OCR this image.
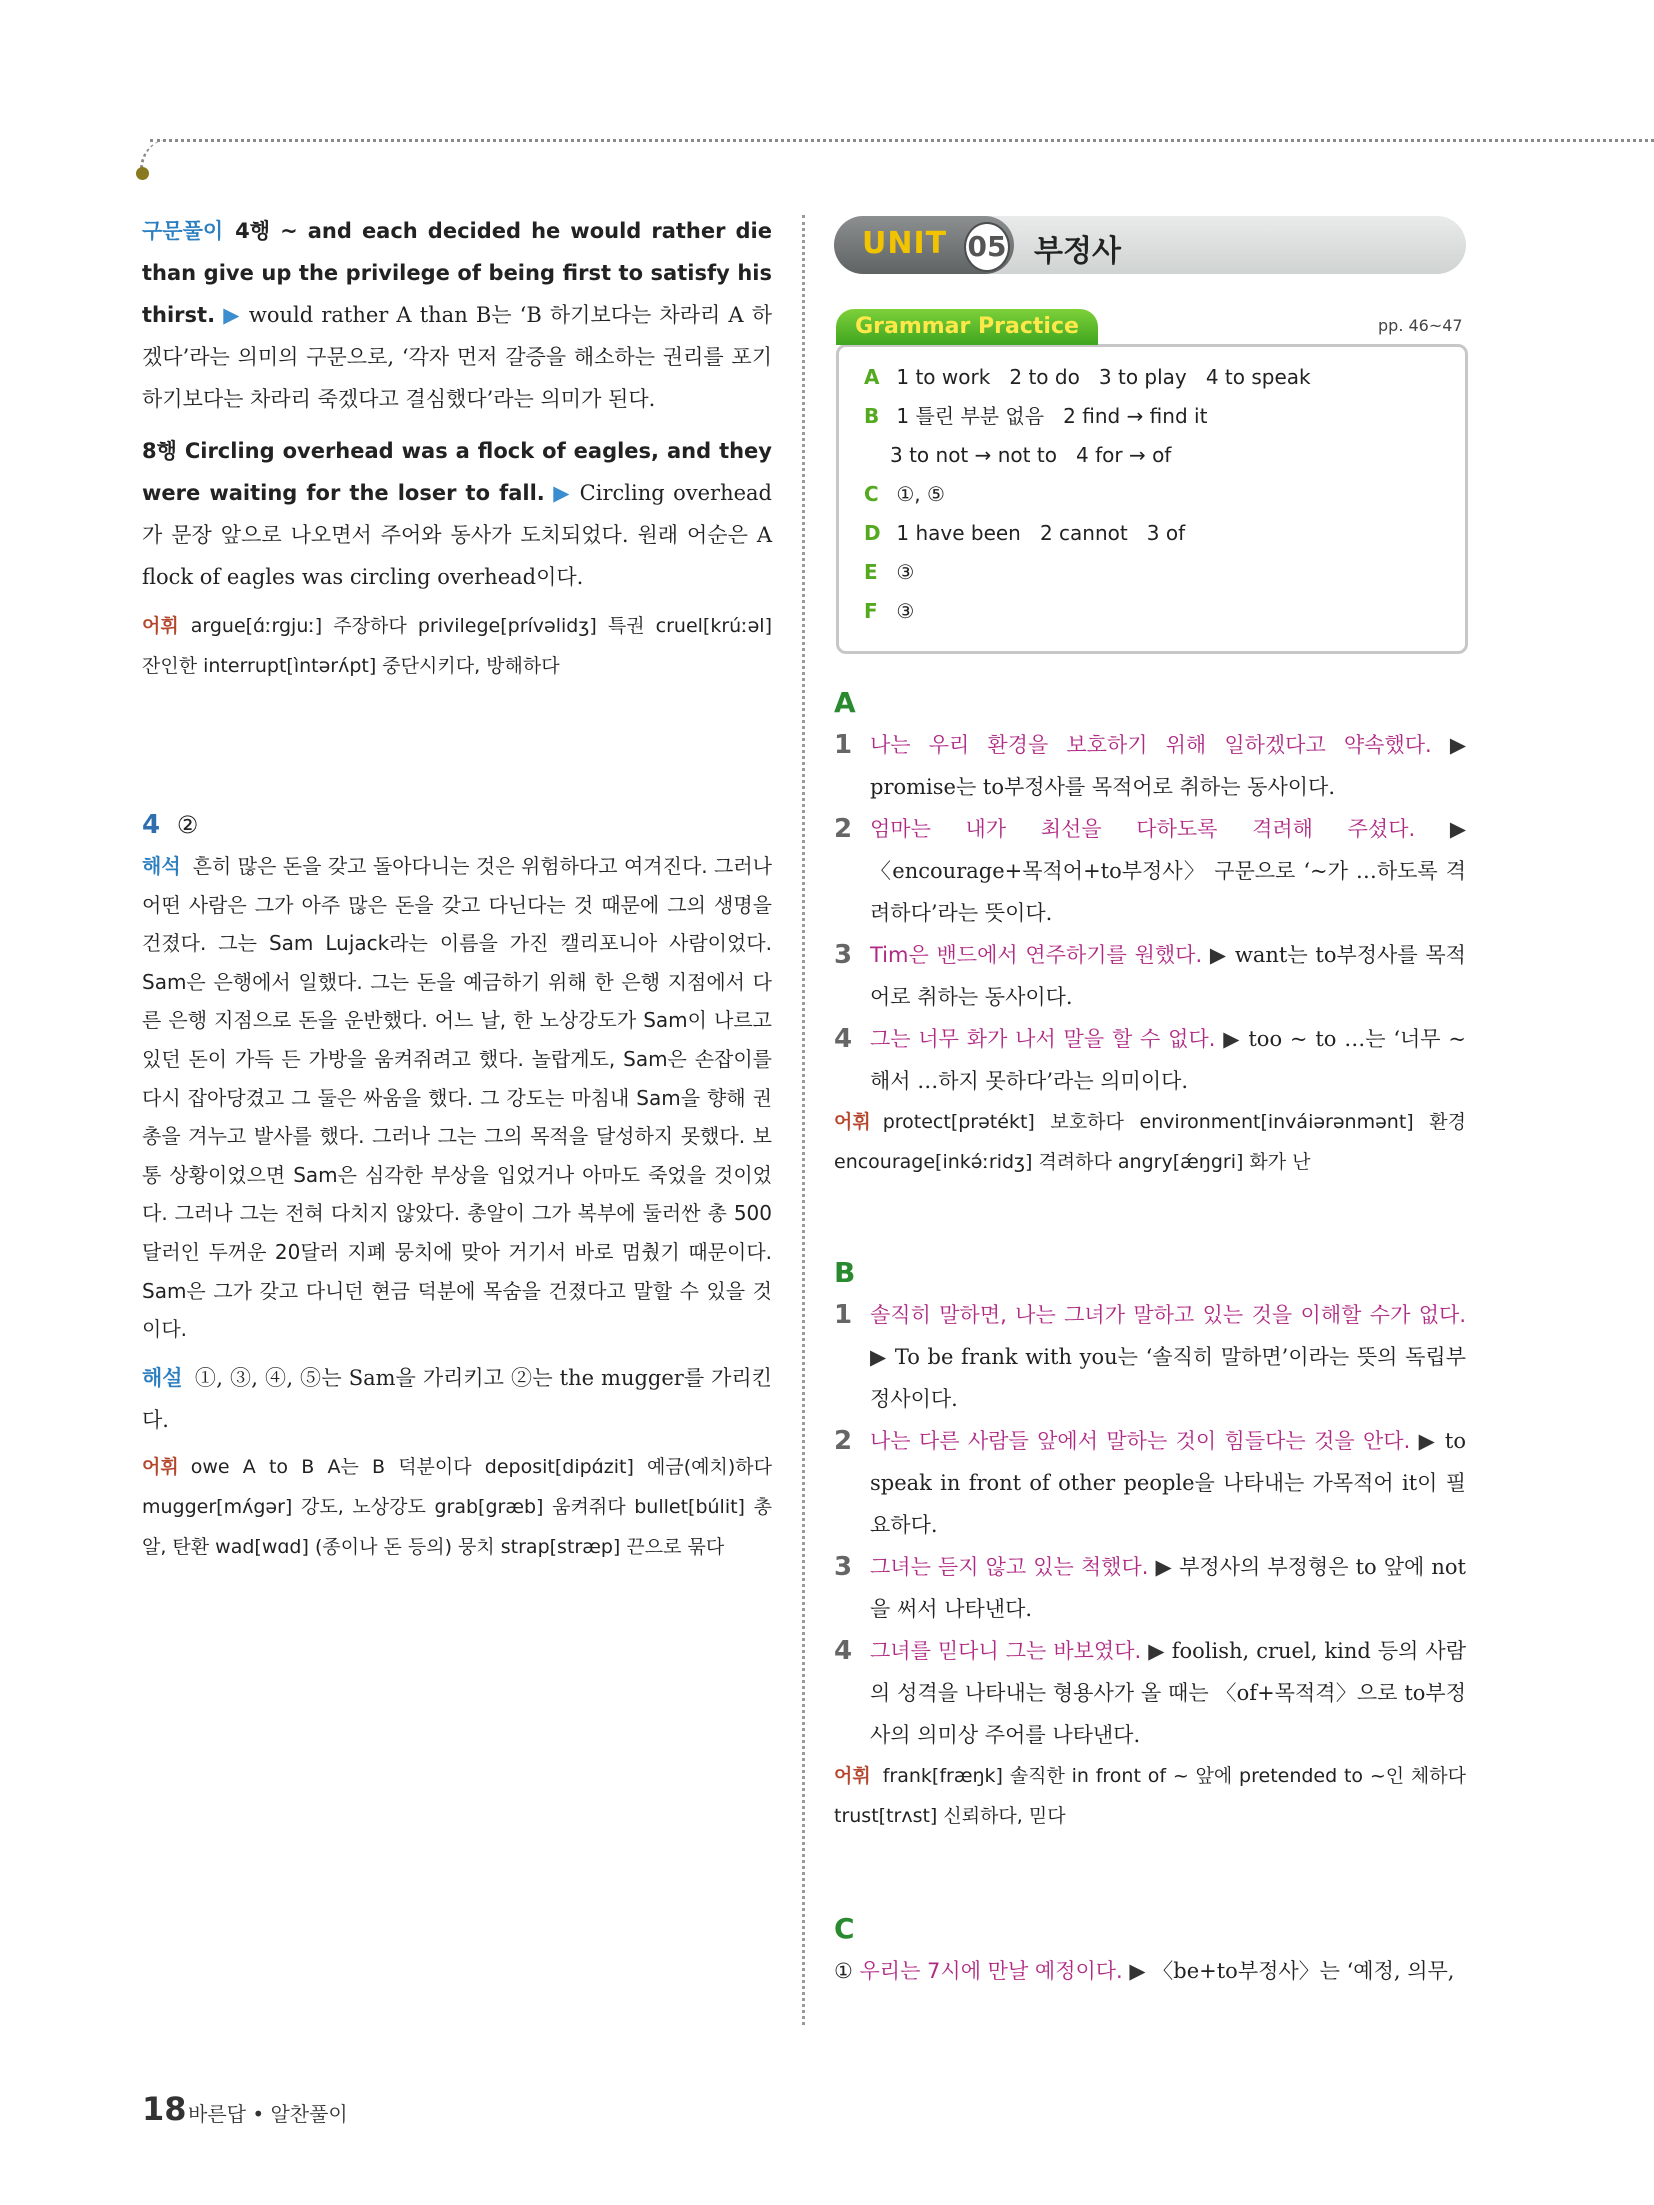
구문풀이 4행 ~ and each decided he would rather die than give up the privilege of being first to satisfy his thirst. ▶ would rather A than B는 ‘B 하기보다는 차라리 A 하겠다’라는 의미의 구문으로, ‘각자 먼저 갈증을 해소하는 권리를 포기하기보다는 차라리 죽겠다고 결심했다’라는 의미가 된다.

8행 Circling overhead was a flock of eagles, and they were waiting for the loser to fall. ▶ Circling overhead가 문장 앞으로 나오면서 주어와 동사가 도치되었다. 원래 어순은 A flock of eagles was circling overhead이다.

어휘 argue[ɑ́ːrgjuː] 주장하다 privilege[prívəlidʒ] 특권 cruel[krúːəl] 잔인한 interrupt[ìntərʌ́pt] 중단시키다, 방해하다

4 ②

해석 흔히 많은 돈을 갖고 돌아다니는 것은 위험하다고 여겨진다. 그러나 어떤 사람은 그가 아주 많은 돈을 갖고 다닌다는 것 때문에 그의 생명을 건졌다. 그는 Sam Lujack라는 이름을 가진 캘리포니아 사람이었다. Sam은 은행에서 일했다. 그는 돈을 예금하기 위해 한 은행 지점에서 다른 은행 지점으로 돈을 운반했다. 어느 날, 한 노상강도가 Sam이 나르고 있던 돈이 가득 든 가방을 움켜쥐려고 했다. 놀랍게도, Sam은 손잡이를 다시 잡아당겼고 그 둘은 싸움을 했다. 그 강도는 마침내 Sam을 향해 권총을 겨누고 발사를 했다. 그러나 그는 그의 목적을 달성하지 못했다. 보통 상황이었으면 Sam은 심각한 부상을 입었거나 아마도 죽었을 것이었다. 그러나 그는 전혀 다치지 않았다. 총알이 그가 복부에 둘러싼 총 500달러인 두꺼운 20달러 지폐 뭉치에 맞아 거기서 바로 멈췄기 때문이다. Sam은 그가 갖고 다니던 현금 덕분에 목숨을 건졌다고 말할 수 있을 것이다.

해설 ①, ③, ④, ⑤는 Sam을 가리키고 ②는 the mugger를 가리킨다.

어휘 owe A to B A는 B 덕분이다 deposit[dipɑ́zit] 예금(예치)하다 mugger[mʌ́gər] 강도, 노상강도 grab[græb] 움켜쥐다 bullet[búlit] 총알, 탄환 wad[wɑd] (종이나 돈 등의) 뭉치 strap[stræp] 끈으로 묶다

UNIT 05 부정사
Grammar Practice	pp. 46~47
A 1 to work 2 to do 3 to play 4 to speak
B 1 틀린 부분 없음 2 find → find it
3 to not → not to 4 for → of
C ①, ⑤
D 1 have been 2 cannot 3 of
E ③
F ③
A
1 나는 우리 환경을 보호하기 위해 일하겠다고 약속했다. ▶ promise는 to부정사를 목적어로 취하는 동사이다.

2 엄마는 내가 최선을 다하도록 격려해 주셨다. ▶ 〈encourage+목적어+to부정사〉 구문으로 ‘~가 …하도록 격려하다’라는 뜻이다.

3 Tim은 밴드에서 연주하기를 원했다. ▶ want는 to부정사를 목적어로 취하는 동사이다.

4 그는 너무 화가 나서 말을 할 수 없다. ▶ too ~ to …는 ‘너무 ~해서 …하지 못하다’라는 의미이다.

어휘 protect[prətékt] 보호하다 environment[inváiərənmənt] 환경 encourage[inkə́ːridʒ] 격려하다 angry[ǽŋgri] 화가 난

B
1 솔직히 말하면, 나는 그녀가 말하고 있는 것을 이해할 수가 없다. ▶ To be frank with you는 ‘솔직히 말하면’이라는 뜻의 독립부정사이다.

2 나는 다른 사람들 앞에서 말하는 것이 힘들다는 것을 안다. ▶ to speak in front of other people을 나타내는 가목적어 it이 필요하다.

3 그녀는 듣지 않고 있는 척했다. ▶ 부정사의 부정형은 to 앞에 not을 써서 나타낸다.

4 그녀를 믿다니 그는 바보였다. ▶ foolish, cruel, kind 등의 사람의 성격을 나타내는 형용사가 올 때는 〈of+목적격〉으로 to부정사의 의미상 주어를 나타낸다.

어휘 frank[fræŋk] 솔직한 in front of ~ 앞에 pretended to ~인 체하다 trust[trʌst] 신뢰하다, 믿다

C

① 우리는 7시에 만날 예정이다. ▶ 〈be+to부정사〉는 ‘예정, 의무,

18 바른답 • 알찬풀이
